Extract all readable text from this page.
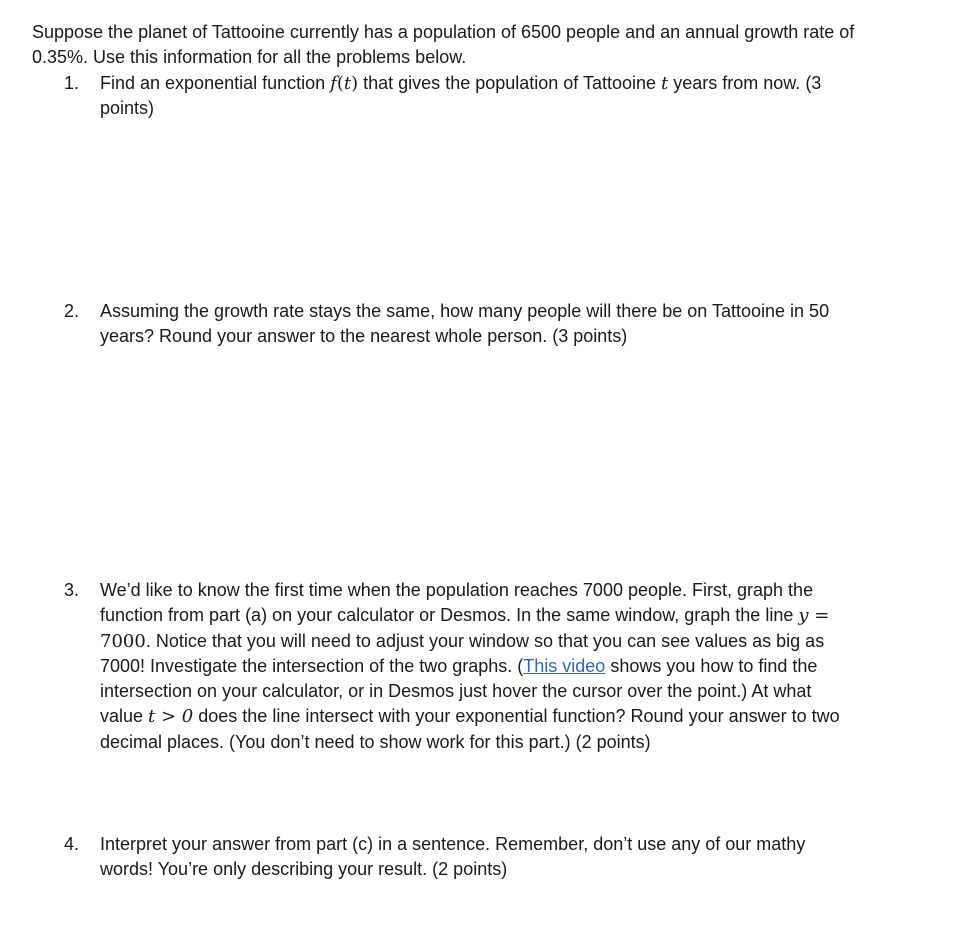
Suppose the planet of Tattooine currently has a population of 6500 people and an annual growth rate of
0.35%. Use this information for all the problems below.

1.	Find an exponential function f(t) that gives the population of Tattooine t years from now. (3
points)
2.	Assuming the growth rate stays the same, how many people will there be on Tattooine in 50
years? Round your answer to the nearest whole person. (3 points)
3.	We’d like to know the first time when the population reaches 7000 people. First, graph the
function from part (a) on your calculator or Desmos. In the same window, graph the line y =
7000. Notice that you will need to adjust your window so that you can see values as big as
7000! Investigate the intersection of the two graphs. (This video shows you how to find the
intersection on your calculator, or in Desmos just hover the cursor over the point.) At what
value t > 0 does the line intersect with your exponential function? Round your answer to two
decimal places. (You don’t need to show work for this part.) (2 points)
4.	Interpret your answer from part (c) in a sentence. Remember, don’t use any of our mathy
words! You’re only describing your result. (2 points)
